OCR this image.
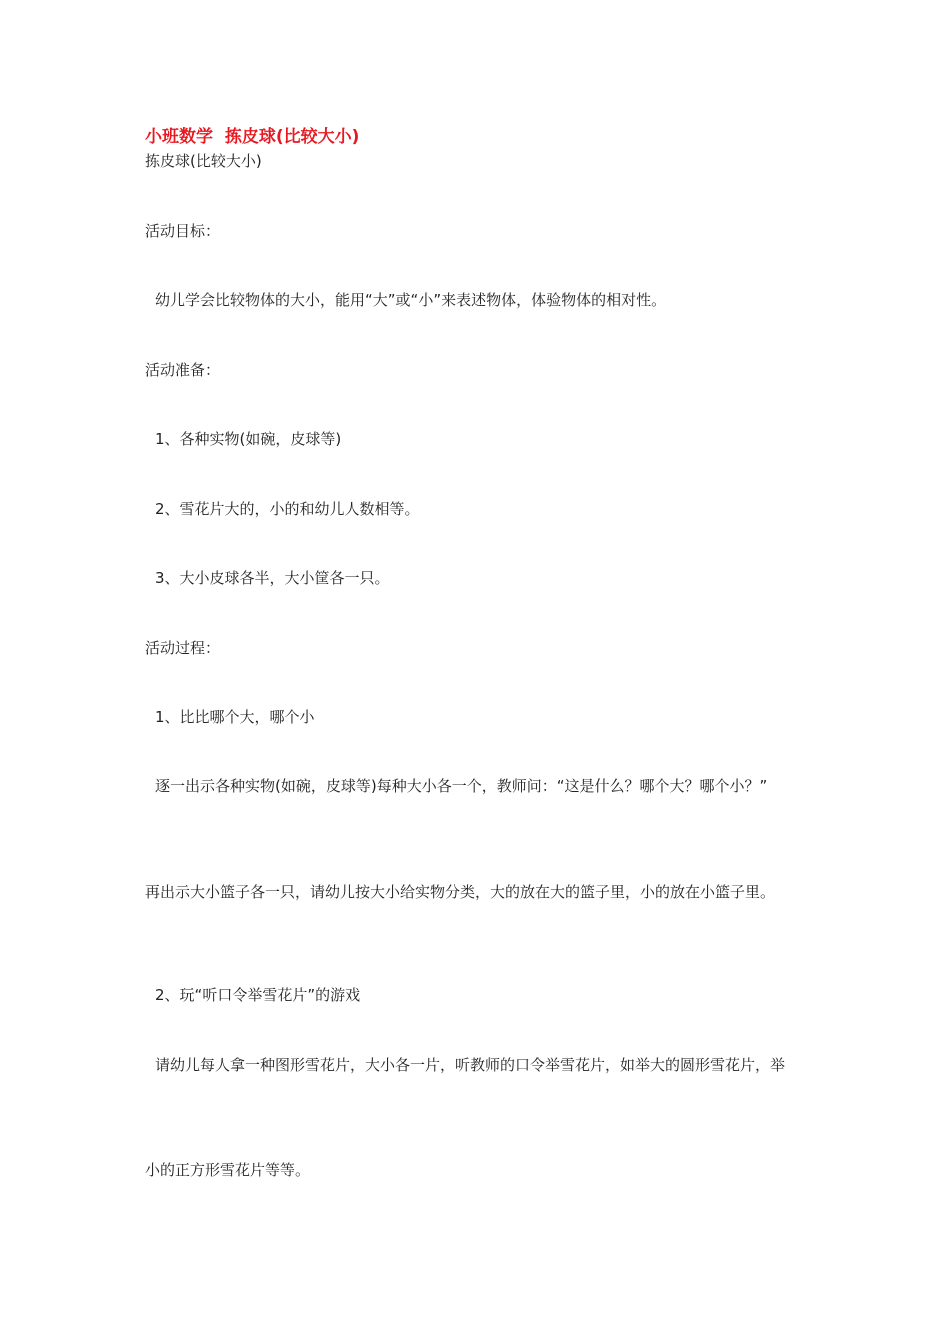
小班数学  拣皮球(比较大小)
拣皮球(比较大小)
活动目标：
幼儿学会比较物体的大小，能用“大”或“小”来表述物体，体验物体的相对性。
活动准备：
1、各种实物(如碗，皮球等)
2、雪花片大的，小的和幼儿人数相等。
3、大小皮球各半，大小筐各一只。
活动过程：
1、比比哪个大，哪个小
逐一出示各种实物(如碗，皮球等)每种大小各一个，教师问：“这是什么？哪个大？哪个小？”
再出示大小篮子各一只，请幼儿按大小给实物分类，大的放在大的篮子里，小的放在小篮子里。
2、玩“听口令举雪花片”的游戏
请幼儿每人拿一种图形雪花片，大小各一片，听教师的口令举雪花片，如举大的圆形雪花片，举
小的正方形雪花片等等。
